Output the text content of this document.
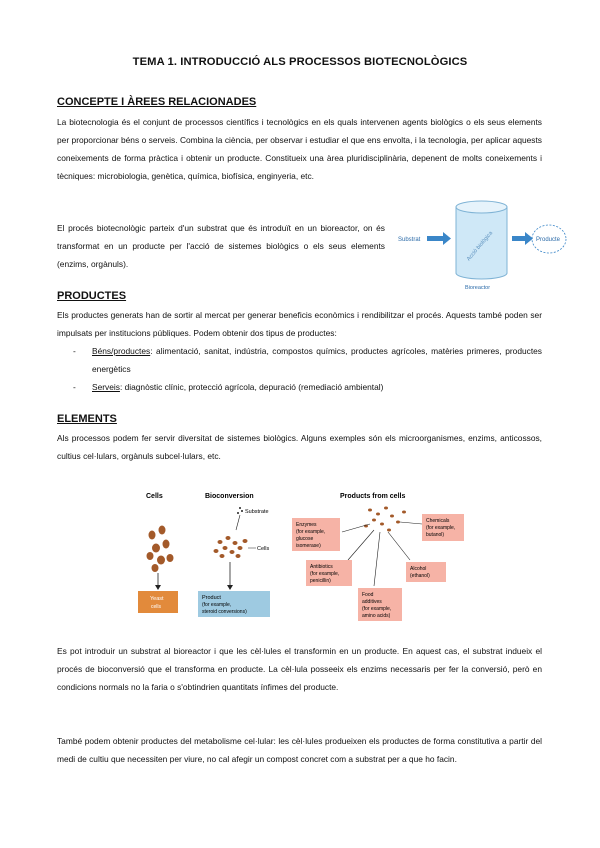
TEMA 1. INTRODUCCIÓ ALS PROCESSOS BIOTECNOLÒGICS
CONCEPTE I ÀREES RELACIONADES

La biotecnologia és el conjunt de processos científics i tecnològics en els quals intervenen agents biològics o els seus elements per proporcionar béns o serveis. Combina la ciència, per observar i estudiar el que ens envolta, i la tecnologia, per aplicar aquests coneixements de forma pràctica i obtenir un producte. Constitueix una àrea pluridisciplinària, depenent de molts coneixements i tècniques: microbiologia, genètica, química, biofísica, enginyeria, etc.

El procés biotecnològic parteix d'un substrat que és introduït en un bioreactor, on és transformat en un producte per l'acció de sistemes biològics o els seus elements (enzims, orgànuls).

Substrat	Acció biològica	Producte
Bioreactor
PRODUCTES

Els productes generats han de sortir al mercat per generar beneficis econòmics i rendibilitzar el procés. Aquests també poden ser impulsats per institucions públiques. Podem obtenir dos tipus de productes:

- Béns/productes: alimentació, sanitat, indústria, compostos químics, productes agrícoles, matèries primeres, productes energètics
- Serveis: diagnòstic clínic, protecció agrícola, depuració (remediació ambiental)
ELEMENTS

Als processos podem fer servir diversitat de sistemes biològics. Alguns exemples són els microorganismes, enzims, anticossos, cultius cel·lulars, orgànuls subcel·lulars, etc.

Cells
Yeast
cells
Bioconversion
Substrate
Cells
Product
(for example,
steroid conversions)
Products from cells
Enzymes
(for example,
glucose
isomerase)
Antibiotics
(for example,
penicillin)
Food
additives
(for example,
amino acids)
Alcohol
(ethanol)
Chemicals
(for example,
butanol)

Es pot introduir un substrat al bioreactor i que les cèl·lules el transformin en un producte. En aquest cas, el substrat indueix el procés de bioconversió que el transforma en producte. La cèl·lula posseeix els enzims necessaris per fer la conversió, però en condicions normals no la faria o s'obtindrien quantitats ínfimes del producte.

També podem obtenir productes del metabolisme cel·lular: les cèl·lules produeixen els productes de forma constitutiva a partir del medi de cultiu que necessiten per viure, no cal afegir un compost concret com a substrat per a que ho facin.
